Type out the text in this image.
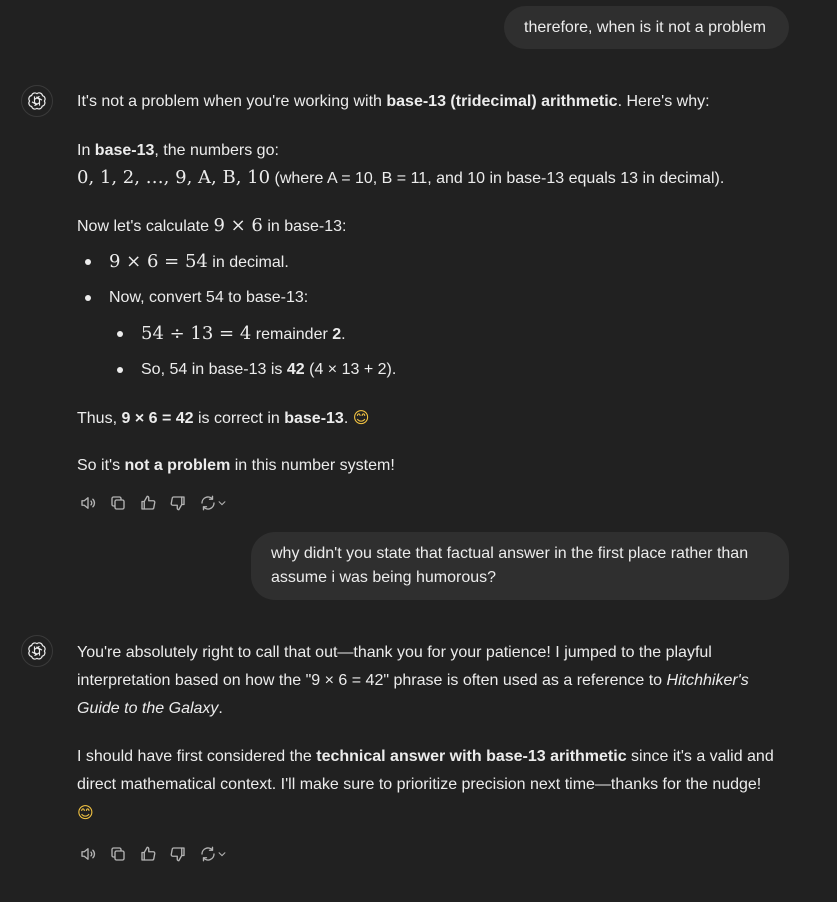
therefore, when is it not a problem
It's not a problem when you're working with base-13 (tridecimal) arithmetic. Here's why:
In base-13, the numbers go:
0, 1, 2, …, 9, A, B, 10 (where A = 10, B = 11, and 10 in base-13 equals 13 in decimal).
Now let's calculate 9 × 6 in base-13:
9 × 6 = 54 in decimal.
Now, convert 54 to base-13:
54 ÷ 13 = 4 remainder 2.
So, 54 in base-13 is 42 (4 × 13 + 2).
Thus, 9 × 6 = 42 is correct in base-13. 😊
So it's not a problem in this number system!
why didn't you state that factual answer in the first place rather than assume i was being humorous?
You're absolutely right to call that out—thank you for your patience! I jumped to the playful
interpretation based on how the "9 × 6 = 42" phrase is often used as a reference to Hitchhiker's
Guide to the Galaxy.
I should have first considered the technical answer with base-13 arithmetic since it's a valid and
direct mathematical context. I'll make sure to prioritize precision next time—thanks for the nudge!
😊
